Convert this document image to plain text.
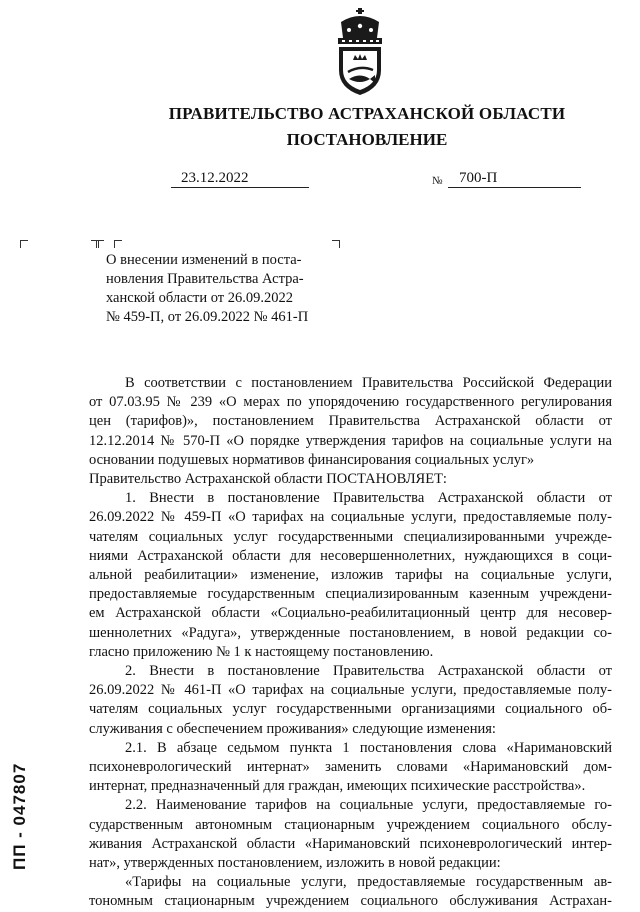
ПРАВИТЕЛЬСТВО АСТРАХАНСКОЙ ОБЛАСТИ
ПОСТАНОВЛЕНИЕ
23.12.2022	№ 700-П
О внесении изменений в поста-
новления Правительства Астра-
ханской области от 26.09.2022
№ 459-П, от 26.09.2022 № 461-П
В соответствии с постановлением Правительства Российской Федерации
от 07.03.95 № 239 «О мерах по упорядочению государственного регулирования
цен (тарифов)», постановлением Правительства Астраханской области от
12.12.2014 № 570-П «О порядке утверждения тарифов на социальные услуги на
основании подушевых нормативов финансирования социальных услуг»
Правительство Астраханской области ПОСТАНОВЛЯЕТ:
1. Внести в постановление Правительства Астраханской области от
26.09.2022 № 459-П «О тарифах на социальные услуги, предоставляемые полу-
чателям социальных услуг государственными специализированными учрежде-
ниями Астраханской области для несовершеннолетних, нуждающихся в соци-
альной реабилитации» изменение, изложив тарифы на социальные услуги,
предоставляемые государственным специализированным казенным учреждени-
ем Астраханской области «Социально-реабилитационный центр для несовер-
шеннолетних «Радуга», утвержденные постановлением, в новой редакции со-
гласно приложению № 1 к настоящему постановлению.
2. Внести в постановление Правительства Астраханской области от
26.09.2022 № 461-П «О тарифах на социальные услуги, предоставляемые полу-
чателям социальных услуг государственными организациями социального об-
служивания с обеспечением проживания» следующие изменения:
2.1. В абзаце седьмом пункта 1 постановления слова «Наримановский
психоневрологический интернат» заменить словами «Наримановский дом-
интернат, предназначенный для граждан, имеющих психические расстройства».
2.2. Наименование тарифов на социальные услуги, предоставляемые го-
сударственным автономным стационарным учреждением социального обслу-
живания Астраханской области «Наримановский психоневрологический интер-
нат», утвержденных постановлением, изложить в новой редакции:
«Тарифы на социальные услуги, предоставляемые государственным ав-
тономным стационарным учреждением социального обслуживания Астрахан-
ПП - 047807
